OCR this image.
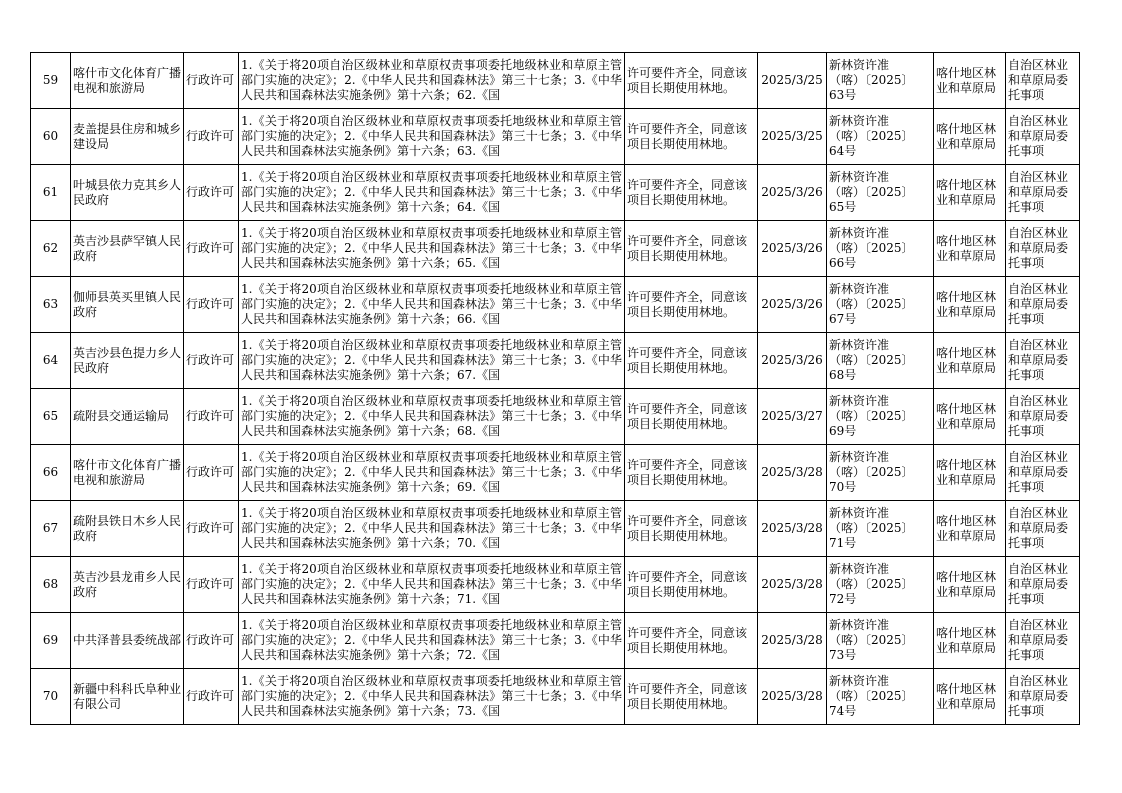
59	喀什市文化体育广播电视和旅游局	行政许可	1.《关于将20项自治区级林业和草原权责事项委托地级林业和草原主管部门实施的决定》；2.《中华人民共和国森林法》第三十七条；3.《中华人民共和国森林法实施条例》第十六条；62.《国	许可要件齐全，同意该项目长期使用林地。	2025/3/25	新林资许准
（喀）〔2025〕
63号	喀什地区林业和草原局	自治区林业和草原局委托事项
60	麦盖提县住房和城乡建设局	行政许可	1.《关于将20项自治区级林业和草原权责事项委托地级林业和草原主管部门实施的决定》；2.《中华人民共和国森林法》第三十七条；3.《中华人民共和国森林法实施条例》第十六条；63.《国	许可要件齐全，同意该项目长期使用林地。	2025/3/25	新林资许准
（喀）〔2025〕
64号	喀什地区林业和草原局	自治区林业和草原局委托事项
61	叶城县依力克其乡人民政府	行政许可	1.《关于将20项自治区级林业和草原权责事项委托地级林业和草原主管部门实施的决定》；2.《中华人民共和国森林法》第三十七条；3.《中华人民共和国森林法实施条例》第十六条；64.《国	许可要件齐全，同意该项目长期使用林地。	2025/3/26	新林资许准
（喀）〔2025〕
65号	喀什地区林业和草原局	自治区林业和草原局委托事项
62	英吉沙县萨罕镇人民政府	行政许可	1.《关于将20项自治区级林业和草原权责事项委托地级林业和草原主管部门实施的决定》；2.《中华人民共和国森林法》第三十七条；3.《中华人民共和国森林法实施条例》第十六条；65.《国	许可要件齐全，同意该项目长期使用林地。	2025/3/26	新林资许准
（喀）〔2025〕
66号	喀什地区林业和草原局	自治区林业和草原局委托事项
63	伽师县英买里镇人民政府	行政许可	1.《关于将20项自治区级林业和草原权责事项委托地级林业和草原主管部门实施的决定》；2.《中华人民共和国森林法》第三十七条；3.《中华人民共和国森林法实施条例》第十六条；66.《国	许可要件齐全，同意该项目长期使用林地。	2025/3/26	新林资许准
（喀）〔2025〕
67号	喀什地区林业和草原局	自治区林业和草原局委托事项
64	英吉沙县色提力乡人民政府	行政许可	1.《关于将20项自治区级林业和草原权责事项委托地级林业和草原主管部门实施的决定》；2.《中华人民共和国森林法》第三十七条；3.《中华人民共和国森林法实施条例》第十六条；67.《国	许可要件齐全，同意该项目长期使用林地。	2025/3/26	新林资许准
（喀）〔2025〕
68号	喀什地区林业和草原局	自治区林业和草原局委托事项
65	疏附县交通运输局	行政许可	1.《关于将20项自治区级林业和草原权责事项委托地级林业和草原主管部门实施的决定》；2.《中华人民共和国森林法》第三十七条；3.《中华人民共和国森林法实施条例》第十六条；68.《国	许可要件齐全，同意该项目长期使用林地。	2025/3/27	新林资许准
（喀）〔2025〕
69号	喀什地区林业和草原局	自治区林业和草原局委托事项
66	喀什市文化体育广播电视和旅游局	行政许可	1.《关于将20项自治区级林业和草原权责事项委托地级林业和草原主管部门实施的决定》；2.《中华人民共和国森林法》第三十七条；3.《中华人民共和国森林法实施条例》第十六条；69.《国	许可要件齐全，同意该项目长期使用林地。	2025/3/28	新林资许准
（喀）〔2025〕
70号	喀什地区林业和草原局	自治区林业和草原局委托事项
67	疏附县铁日木乡人民政府	行政许可	1.《关于将20项自治区级林业和草原权责事项委托地级林业和草原主管部门实施的决定》；2.《中华人民共和国森林法》第三十七条；3.《中华人民共和国森林法实施条例》第十六条；70.《国	许可要件齐全，同意该项目长期使用林地。	2025/3/28	新林资许准
（喀）〔2025〕
71号	喀什地区林业和草原局	自治区林业和草原局委托事项
68	英吉沙县龙甫乡人民政府	行政许可	1.《关于将20项自治区级林业和草原权责事项委托地级林业和草原主管部门实施的决定》；2.《中华人民共和国森林法》第三十七条；3.《中华人民共和国森林法实施条例》第十六条；71.《国	许可要件齐全，同意该项目长期使用林地。	2025/3/28	新林资许准
（喀）〔2025〕
72号	喀什地区林业和草原局	自治区林业和草原局委托事项
69	中共泽普县委统战部	行政许可	1.《关于将20项自治区级林业和草原权责事项委托地级林业和草原主管部门实施的决定》；2.《中华人民共和国森林法》第三十七条；3.《中华人民共和国森林法实施条例》第十六条；72.《国	许可要件齐全，同意该项目长期使用林地。	2025/3/28	新林资许准
（喀）〔2025〕
73号	喀什地区林业和草原局	自治区林业和草原局委托事项
70	新疆中科科氏阜种业有限公司	行政许可	1.《关于将20项自治区级林业和草原权责事项委托地级林业和草原主管部门实施的决定》；2.《中华人民共和国森林法》第三十七条；3.《中华人民共和国森林法实施条例》第十六条；73.《国	许可要件齐全，同意该项目长期使用林地。	2025/3/28	新林资许准
（喀）〔2025〕
74号	喀什地区林业和草原局	自治区林业和草原局委托事项
